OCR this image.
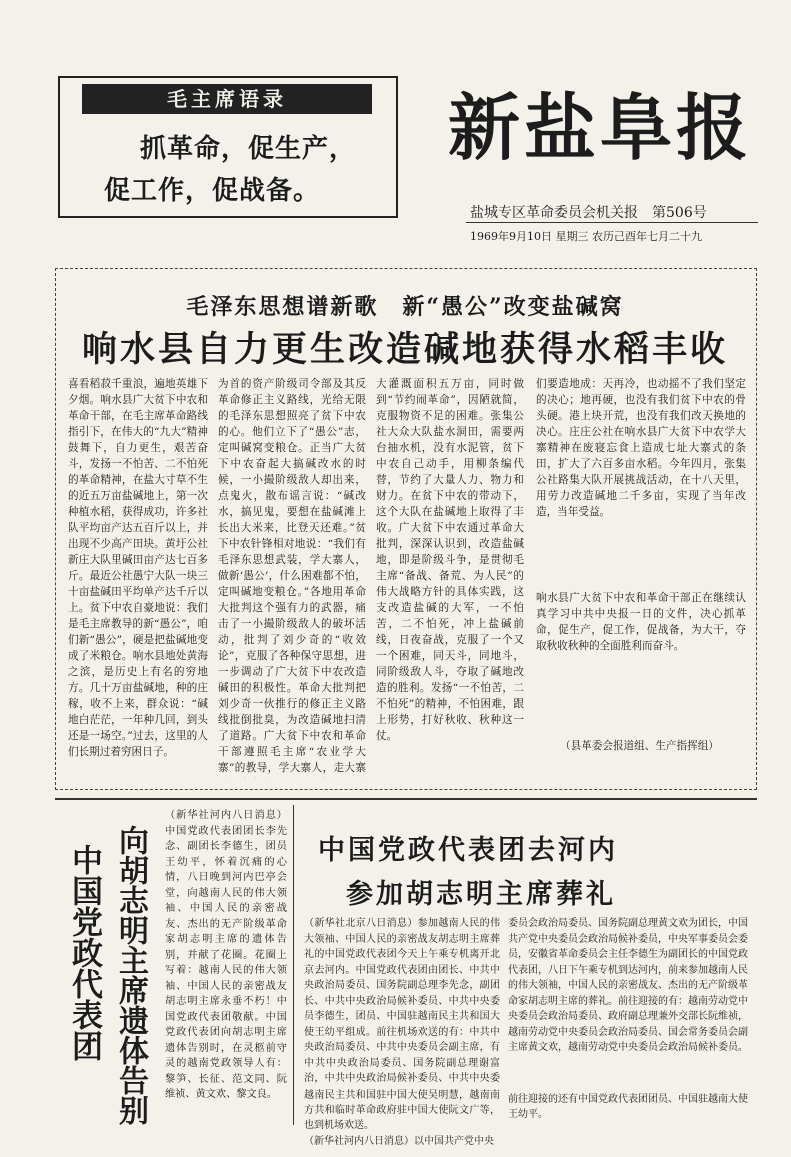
毛主席语录
抓革命，促生产，
促工作，促战备。
新盐阜报
盐城专区革命委员会机关报　第506号
1969年9月10日 星期三 农历己酉年七月二十九
毛泽东思想谱新歌　新“愚公”改变盐碱窝
响水县自力更生改造碱地获得水稻丰收
喜看稻菽千重浪，遍地英雄下夕烟。响水县广大贫下中农和革命干部，在毛主席革命路线指引下，在伟大的“九大”精神鼓舞下，自力更生，艰苦奋斗，发扬一不怕苦、二不怕死的革命精神，在盐大寸草不生的近五万亩盐碱地上，第一次种植水稻，获得成功，许多社队平均亩产达五百斤以上，并出现不少高产田块。黄圩公社新庄大队里碱田亩产达七百多斤。最近公社愚宁大队一块三十亩盐碱田平均单产达千斤以上。贫下中农自豪地说：我们是毛主席教导的新“愚公”，咱们新“愚公”，硬是把盐碱地变成了米粮仓。响水县地处黄海之滨，是历史上有名的穷地方。几十万亩盐碱地，种的庄稼，收不上来，群众说：“碱地白茫茫，一年种几回，到头还是一场空。”过去，这里的人们长期过着穷困日子。
为首的资产阶级司令部及其反革命修正主义路线，光给无限的毛泽东思想照亮了贫下中农的心。他们立下了“愚公”志，定叫碱窝变粮仓。正当广大贫下中农奋起大搞碱改水的时候，一小撮阶级敌人却出来，点鬼火，散布谣言说：“碱改水，搞见鬼，要想在盐碱滩上长出大米来，比登天还难。”贫下中农针锋相对地说：“我们有毛泽东思想武装，学大寨人，做新‘愚公’，什么困难都不怕，定叫碱地变粮仓。”各地用革命大批判这个强有力的武器，痛击了一小撮阶级敌人的破坏活动，批判了刘少奇的“收效论”，克服了各种保守思想，进一步调动了广大贫下中农改造碱田的积极性。革命大批判把刘少奇一伙推行的修正主义路线批倒批臭，为改造碱地扫清了道路。广大贫下中农和革命干部遵照毛主席“农业学大寨”的教导，学大寨人，走大寨
大灌溉面积五万亩，同时做到“节约闹革命”，因陋就简，克服物资不足的困难。张集公社大众大队盐水洞田，需要两台抽水机，没有水泥管，贫下中农自己动手，用柳条编代替，节约了大量人力、物力和财力。在贫下中农的带动下，这个大队在盐碱地上取得了丰收。广大贫下中农通过革命大批判，深深认识到，改造盐碱地，即是阶级斗争，是贯彻毛主席“备战、备荒、为人民”的伟大战略方针的具体实践，这支改造盐碱的大军，一不怕苦，二不怕死，冲上盐碱前线，日夜奋战，克服了一个又一个困难，同天斗，同地斗，同阶级敌人斗，夺取了碱地改造的胜利。发扬“一不怕苦，二不怕死”的精神，不怕困难，跟上形势，打好秋收、秋种这一仗。
们要造地成：天再冷，也动摇不了我们坚定的决心；地再硬，也没有我们贫下中农的骨头硬。港上块开荒，也没有我们改天换地的决心。庄庄公社在响水县广大贫下中农学大寨精神在废寝忘食上造成七址大寨式的条田，扩大了六百多亩水稻。今年四月，张集公社路集大队开展挑战活动，在十八天里，用劳力改造碱地二千多亩，实现了当年改造，当年受益。
响水县广大贫下中农和革命干部正在继续认真学习中共中央报一日的文件，决心抓革命，促生产，促工作，促战备，为大干，夺取秋收秋种的全面胜利而奋斗。
（县革委会报道组、生产指挥组）
中国党政代表团 向胡志明主席遗体告别
（新华社河内八日消息）中国党政代表团团长李先念、副团长李德生，团员王幼平，怀着沉痛的心情，八日晚到河内巴亭会堂，向越南人民的伟大领袖、中国人民的亲密战友、杰出的无产阶级革命家胡志明主席的遗体告别，并献了花圈。花圈上写着：越南人民的伟大领袖、中国人民的亲密战友胡志明主席永垂不朽！中国党政代表团敬献。中国党政代表团向胡志明主席遗体告别时，在灵柩前守灵的越南党政领导人有：黎笋、长征、范文同、阮维祯、黄文欢、黎文良。
中国党政代表团去河内
参加胡志明主席葬礼
（新华社北京八日消息）参加越南人民的伟大领袖、中国人民的亲密战友胡志明主席葬礼的中国党政代表团今天上午乘专机离开北京去河内。中国党政代表团由团长、中共中央政治局委员、国务院副总理李先念，副团长、中共中央政治局候补委员、中共中央委员李德生，团员、中国驻越南民主共和国大使王幼平组成。前往机场欢送的有：中共中央政治局委员、中共中央委员会副主席，有中共中央政治局委员、国务院副总理谢富治，中共中央政治局候补委员、中共中央委
委员会政治局委员、国务院副总理黄文欢为团长，中国共产党中央委员会政治局候补委员，中央军事委员会委员，安徽省革命委员会主任李德生为副团长的中国党政代表团，八日下午乘专机到达河内，前来参加越南人民的伟大领袖，中国人民的亲密战友、杰出的无产阶级革命家胡志明主席的葬礼。前往迎接的有：越南劳动党中央委员会政治局委员、政府副总理兼外交部长阮维祯，越南劳动党中央委员会政治局委员、国会常务委员会副主席黄文欢，越南劳动党中央委员会政治局候补委员。
越南民主共和国驻中国大使吴明慧，越南南方共和临时革命政府驻中国大使阮文广等，也到机场欢送。
（新华社河内八日消息）以中国共产党中央
前往迎接的还有中国党政代表团团员、中国驻越南大使王幼平。
